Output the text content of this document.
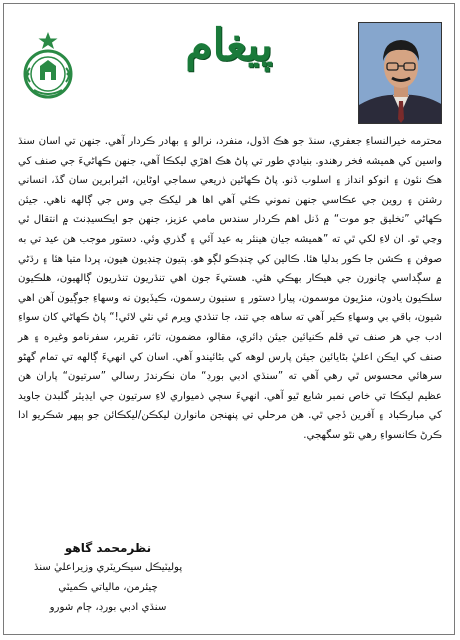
پيغام
محترمه خيرالنساءِ جعفري، سنڌ جو هڪ اڏول، منفرد، نرالو ۽ بهادر ڪردار آهي. جنهن تي اسان سنڌ واسين کي هميشه فخر رهندو. بنيادي طور تي پاڻ هڪ اهڙي ليکڪا آهي، جنهن ڪهاڻيءَ جي صنف کي هڪ نئون ۽ انوکو انداز ۽ اسلوب ڏنو. پاڻ ڪهاڻين ذريعي سماجي اوڻاين، اڻبرابرين سان گڏ، انساني رشتن ۽ روين جي عڪاسي جنهن نموني ڪئي آهي اها هر ليکڪ جي وس جي ڳالهه ناهي. جيئن ڪهاڻي ”تخليق جو موت“ ۾ ڏنل اهم ڪردار سندس مامي عزيز، جنهن جو ايڪسيڊنٽ ۾ انتقال ٿي وڃي ٿو. ان لاءِ لکي ٿي ته ”هميشه جيان هينئر به عيد آئي ۽ گذري وئي. دستور موجب هن عيد تي به صوفن ۽ ڪشن جا ڪور بدليا هئا. ڪالين کي چنڊڪو لڳو هو. ٻتيون چنڊيون هيون، پردا متيا هئا ۽ رڌڻي ۾ سڳداسي چانورن جي هيڪار بهڪي هئي. هستيءَ جون اهي تنڌريون تنڌريون ڳالهيون، هلڪيون سلڪيون يادون، منڙيون موسمون، پيارا دستور ۽ سنيون رسمون، ڪيڏيون نه وسهاءِ جوڳيون آهن اهي شيون، باقي بي وسهاءِ ڪير آهي ته ساهه جي تند، جا تنڌدي ويرم ئي نٿي لائي!“ پاڻ ڪهاڻي کان سواءِ ادب جي هر صنف تي قلم ڪنيائين جيئن ڊائري، مقالو، مضمون، تاثر، تقرير، سفرنامو وغيره ۽ هر صنف کي ايڪن اعليٰ بڻايائين جيئن پارس لوهه کي بڻائيندو آهي. اسان کي انهيءَ ڳالهه تي تمام گهڻو سرهائي محسوس ٿي رهي آهي ته ”سنڌي ادبي بورڊ“ مان نڪرندڙ رسالي ”سرتيون“ پاران هن عظيم ليکڪا تي خاص نمبر شايع ٿيو آهي. انهيءَ سڄي ذميواري لاءِ سرتيون جي ايڊيٽر گلبدن جاويد کي مبارڪباد ۽ آفرين ڏجي ٿي. هن مرحلي تي پنهنجن مانوارن ليکڪن/ليکڪائن جو ٻيهر شڪريو ادا ڪرڻ ڪانسواءِ رهي نٿو سگهجي.
نظرمحمد گاهو
پوليٽيڪل سيڪريٽري وزيراعليٰ سنڌ
چيئرمن، مالياتي ڪميٽي
سنڌي ادبي بورڊ، ڄام شورو
